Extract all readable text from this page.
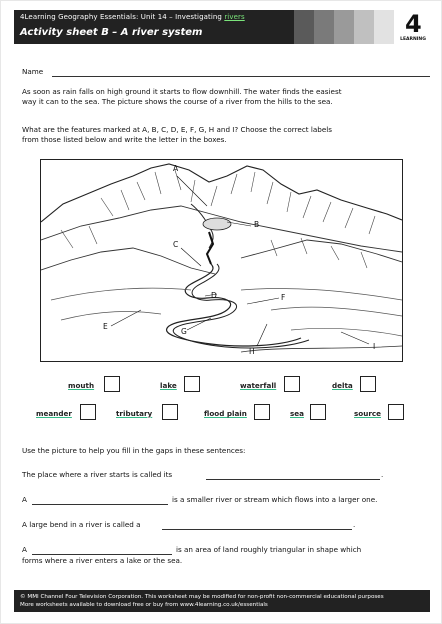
4Learning Geography Essentials: Unit 14 – Investigating rivers
Activity sheet B – A river system	4
LEARNING
Name
As soon as rain falls on high ground it starts to flow downhill. The water finds the easiest
way it can to the sea. The picture shows the course of a river from the hills to the sea.
What are the features marked at A, B, C, D, E, F, G, H and I? Choose the correct labels
from those listed below and write the letter in the boxes.
A
B
C
D
E
F
G
H
I
mouth	lake	waterfall	delta
meander	tributary	flood plain	sea	source
Use the picture to help you fill in the gaps in these sentences:
The place where a river starts is called its	.
A	is a smaller river or stream which flows into a larger one.
A large bend in a river is called a	.
A	is an area of land roughly triangular in shape which
forms where a river enters a lake or the sea.
© MMI Channel Four Television Corporation. This worksheet may be modified for non-profit non-commercial educational purposes
More worksheets available to download free or buy from www.4learning.co.uk/essentials
